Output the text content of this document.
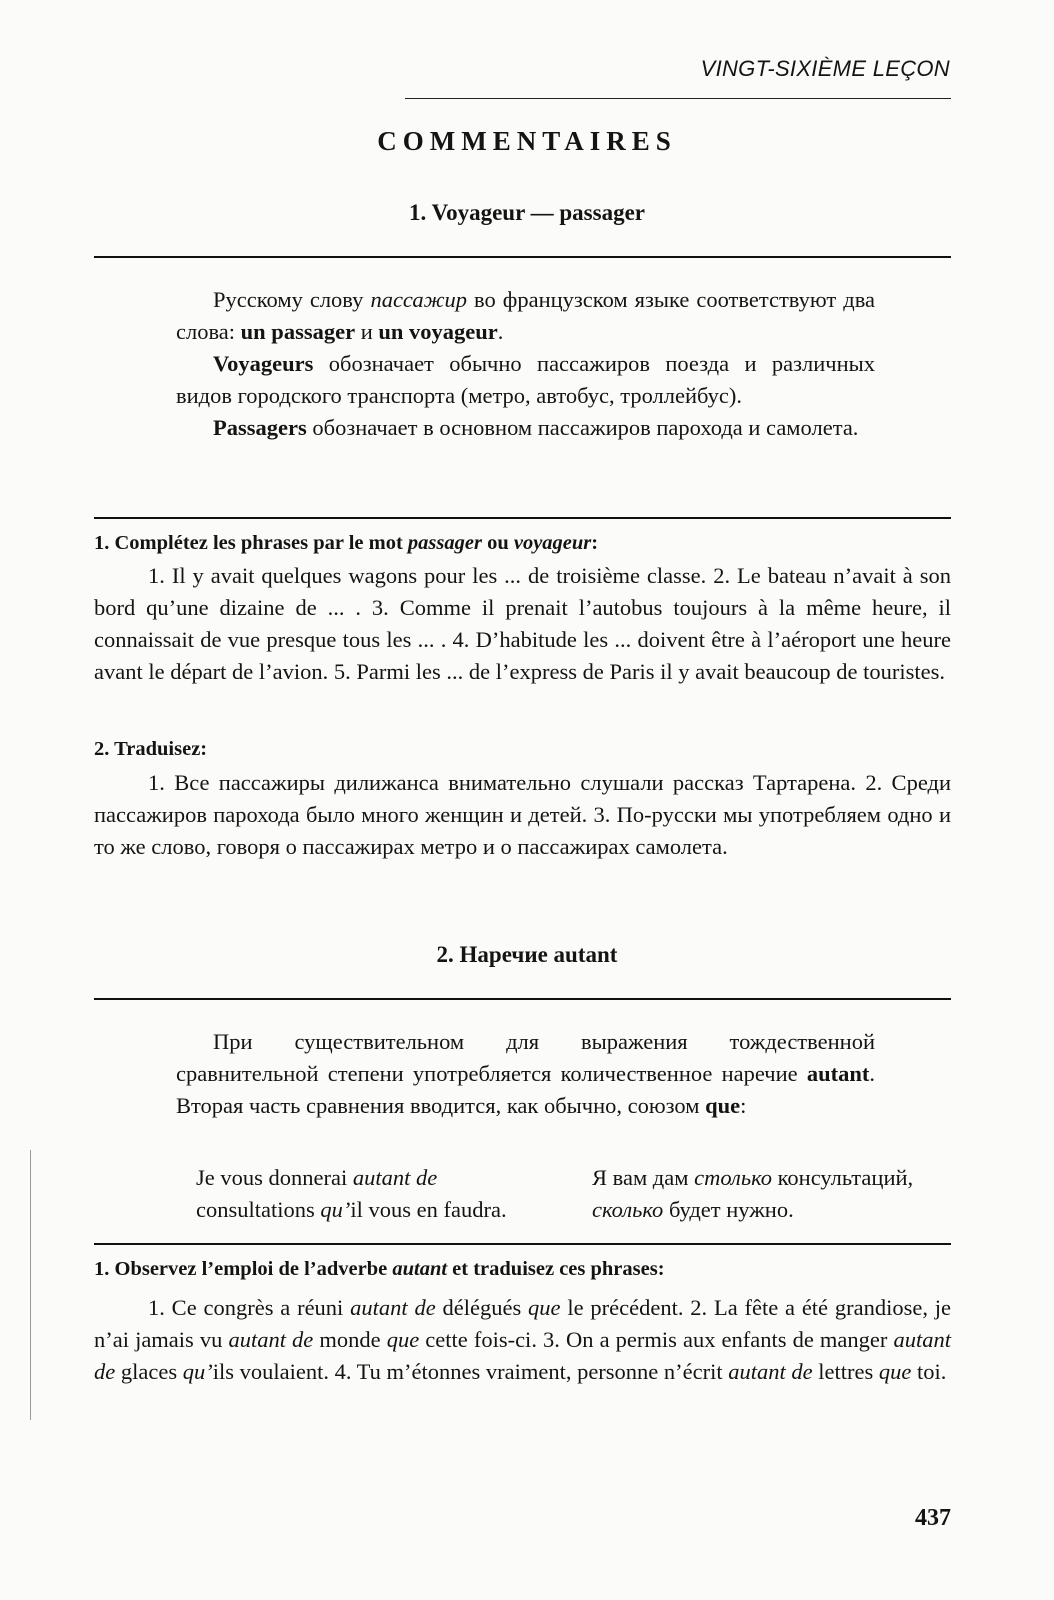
VINGT-SIXIÈME LEÇON
COMMENTAIRES
1. Voyageur — passager

Русскому слову пассажир во французском языке соответствуют два слова: un passager и un voyageur.

Voyageurs обозначает обычно пассажиров поезда и различных видов городского транспорта (метро, автобус, троллейбус).

Passagers обозначает в основном пассажиров парохода и самолета.

1. Complétez les phrases par le mot passager ou voyageur:

1. Il y avait quelques wagons pour les ... de troisième classe. 2. Le bateau n’avait à son bord qu’une dizaine de ... . 3. Comme il prenait l’autobus toujours à la même heure, il connaissait de vue presque tous les ... . 4. D’habitude les ... doivent être à l’aéroport une heure avant le départ de l’avion. 5. Parmi les ... de l’express de Paris il y avait beaucoup de touristes.

2. Traduisez:

1. Все пассажиры дилижанса внимательно слушали рассказ Тартарена. 2. Среди пассажиров парохода было много женщин и детей. 3. По-русски мы употребляем одно и то же слово, говоря о пассажирах метро и о пассажирах самолета.

2. Наречие autant

При существительном для выражения тождественной сравнительной степени употребляется количественное наречие autant. Вторая часть сравнения вводится, как обычно, союзом que:

Je vous donnerai autant de
consultations qu’il vous en faudra.
Я вам дам столько консультаций, сколько будет нужно.
1. Observez l’emploi de l’adverbe autant et traduisez ces phrases:

1. Ce congrès a réuni autant de délégués que le précédent. 2. La fête a été grandiose, je n’ai jamais vu autant de monde que cette fois-ci. 3. On a permis aux enfants de manger autant de glaces qu’ils voulaient. 4. Tu m’étonnes vraiment, personne n’écrit autant de lettres que toi.

437
